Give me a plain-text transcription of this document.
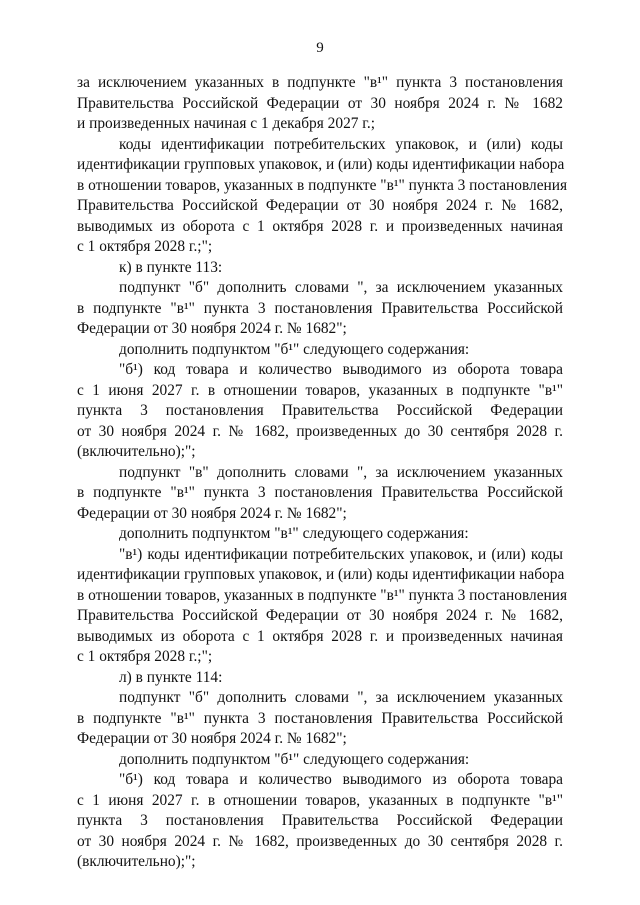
9
за исключением указанных в подпункте "в¹" пункта 3 постановления
Правительства Российской Федерации от 30 ноября 2024 г. № 1682
и произведенных начиная с 1 декабря 2027 г.;
коды идентификации потребительских упаковок, и (или) коды
идентификации групповых упаковок, и (или) коды идентификации набора
в отношении товаров, указанных в подпункте "в¹" пункта 3 постановления
Правительства Российской Федерации от 30 ноября 2024 г. № 1682,
выводимых из оборота с 1 октября 2028 г. и произведенных начиная
с 1 октября 2028 г.;";
к) в пункте 113:
подпункт "б" дополнить словами ", за исключением указанных
в подпункте "в¹" пункта 3 постановления Правительства Российской
Федерации от 30 ноября 2024 г. № 1682";
дополнить подпунктом "б¹" следующего содержания:
"б¹) код товара и количество выводимого из оборота товара
с 1 июня 2027 г. в отношении товаров, указанных в подпункте "в¹"
пункта 3 постановления Правительства Российской Федерации
от 30 ноября 2024 г. № 1682, произведенных до 30 сентября 2028 г.
(включительно);";
подпункт "в" дополнить словами ", за исключением указанных
в подпункте "в¹" пункта 3 постановления Правительства Российской
Федерации от 30 ноября 2024 г. № 1682";
дополнить подпунктом "в¹" следующего содержания:
"в¹) коды идентификации потребительских упаковок, и (или) коды
идентификации групповых упаковок, и (или) коды идентификации набора
в отношении товаров, указанных в подпункте "в¹" пункта 3 постановления
Правительства Российской Федерации от 30 ноября 2024 г. № 1682,
выводимых из оборота с 1 октября 2028 г. и произведенных начиная
с 1 октября 2028 г.;";
л) в пункте 114:
подпункт "б" дополнить словами ", за исключением указанных
в подпункте "в¹" пункта 3 постановления Правительства Российской
Федерации от 30 ноября 2024 г. № 1682";
дополнить подпунктом "б¹" следующего содержания:
"б¹) код товара и количество выводимого из оборота товара
с 1 июня 2027 г. в отношении товаров, указанных в подпункте "в¹"
пункта 3 постановления Правительства Российской Федерации
от 30 ноября 2024 г. № 1682, произведенных до 30 сентября 2028 г.
(включительно);";
